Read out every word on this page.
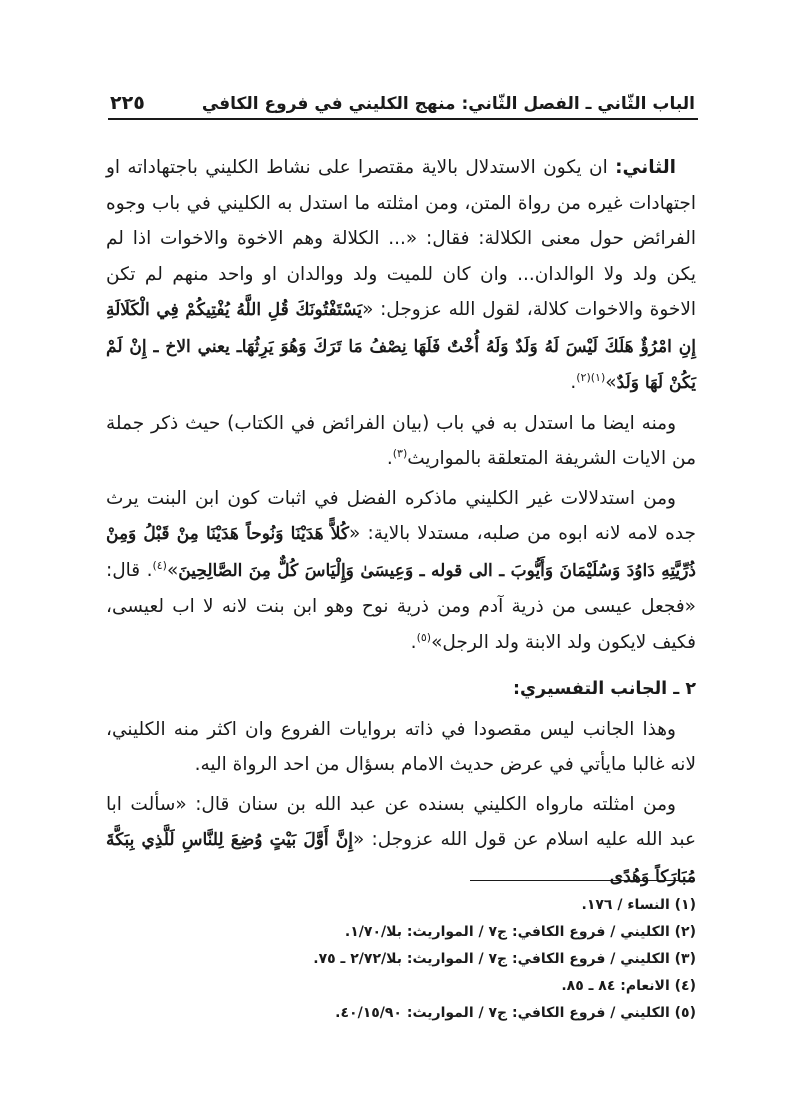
الباب الثّاني ـ الفصل الثّاني: منهج الكليني في فروع الكافي
٢٢٥

الثاني: ان يكون الاستدلال بالاية مقتصرا على نشاط الكليني باجتهاداته او اجتهادات غيره من رواة المتن، ومن امثلته ما استدل به الكليني في باب وجوه الفرائض حول معنى الكلالة: فقال: «... الكلالة وهم الاخوة والاخوات اذا لم يكن ولد ولا الوالدان... وان كان للميت ولد ووالدان او واحد منهم لم تكن الاخوة والاخوات كلالة، لقول الله عزوجل: «يَسْتَفْتُونَكَ قُلِ اللَّهُ يُفْتِيكُمْ فِي الْكَلَالَةِ إِنِ امْرُؤٌ هَلَكَ لَيْسَ لَهُ وَلَدٌ وَلَهُ أُخْتٌ فَلَهَا نِصْفُ مَا تَرَكَ وَهُوَ يَرِثُهَاـ يعني الاخ ـ إِنْ لَمْ يَكُنْ لَهَا وَلَدٌ»$^{(١)(٢)}$.

ومنه ايضا ما استدل به في باب (بيان الفرائض في الكتاب) حيث ذكر جملة من الايات الشريفة المتعلقة بالمواريث$^{(٣)}$.

ومن استدلالات غير الكليني ماذكره الفضل في اثبات كون ابن البنت يرث جده لامه لانه ابوه من صلبه، مستدلا بالاية: «كُلاًّ هَدَيْنَا وَنُوحاً هَدَيْنَا مِنْ قَبْلُ وَمِنْ ذُرِّيَّتِهِ دَاوُدَ وَسُلَيْمَانَ وَأَيُّوبَ ـ الى قوله ـ وَعِيسَىٰ وَإِلْيَاسَ كُلٌّ مِنَ الصَّالِحِينَ»$^{(٤)}$. قال: «فجعل عيسى من ذرية آدم ومن ذرية نوح وهو ابن بنت لانه لا اب لعيسى، فكيف لايكون ولد الابنة ولد الرجل»$^{(٥)}$.

٢ ـ الجانب التفسيري:

وهذا الجانب ليس مقصودا في ذاته بروايات الفروع وان اكثر منه الكليني، لانه غالبا مايأتي في عرض حديث الامام بسؤال من احد الرواة اليه.

ومن امثلته مارواه الكليني بسنده عن عبد الله بن سنان قال: «سألت ابا عبد الله عليه اسلام عن قول الله عزوجل: «إِنَّ أَوَّلَ بَيْتٍ وُضِعَ لِلنَّاسِ لَلَّذِي بِبَكَّةَ مُبَارَكاً وَهُدًى

(١) النساء / ١٧٦.
(٢) الكليني / فروع الكافي: ج٧ / المواريث: بلا/١/٧٠.
(٣) الكليني / فروع الكافي: ج٧ / المواريث: بلا/٢/٧٢ ـ ٧٥.
(٤) الانعام: ٨٤ ـ ٨٥.
(٥) الكليني / فروع الكافي: ج٧ / المواريث: ٤٠/١٥/٩٠.
